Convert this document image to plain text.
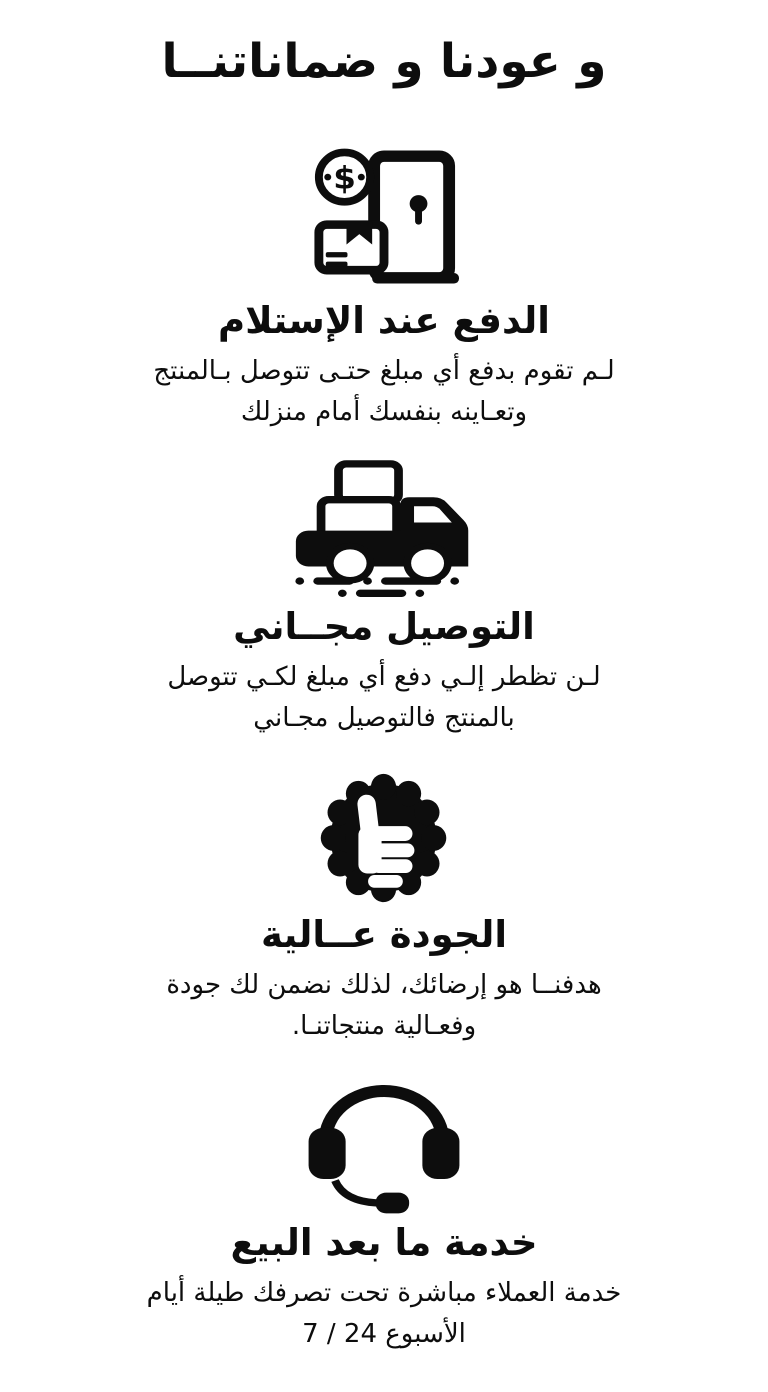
و عودنا و ضماناتنــا
$
الدفع عند الإستلام

لـم تقوم بدفع أي مبلغ حتـى تتوصل بـالمنتج
وتعـاينه بنفسك أمام منزلك

التوصيل مجــاني

لـن تظطر إلـي دفع أي مبلغ لكـي تتوصل
بالمنتج فالتوصيل مجـاني

الجودة عــالية

هدفنــا هو إرضائك، لذلك نضمن لك جودة
وفعـالية منتجاتنـا.

خدمة ما بعد البيع

خدمة العملاء مباشرة تحت تصرفك طيلة أيام
الأسبوع 24 / 7
